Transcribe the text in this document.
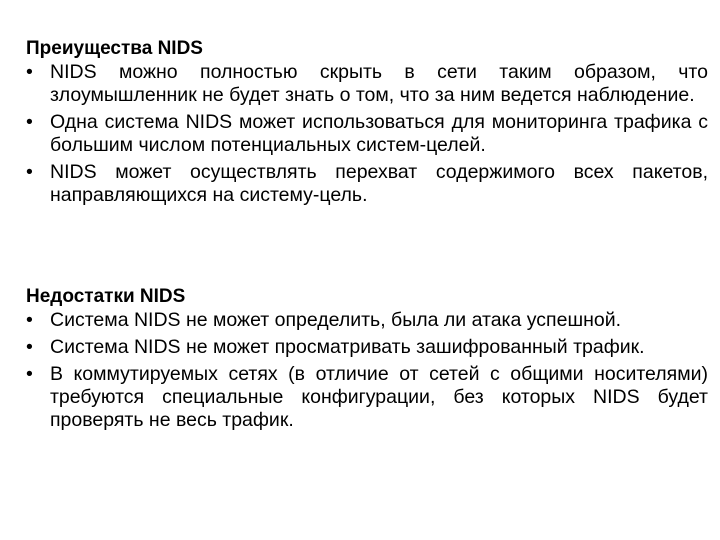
Преиущества NIDS
• NIDS можно полностью скрыть в сети таким образом, что злоумышленник не будет знать о том, что за ним ведется наблюдение.
• Одна система NIDS может использоваться для мониторинга трафика с большим числом потенциальных систем-целей.
• NIDS может осуществлять перехват содержимого всех пакетов, направляющихся на систему-цель.
Недостатки NIDS
• Система NIDS не может определить, была ли атака успешной.
• Система NIDS не может просматривать зашифрованный трафик.
• В коммутируемых сетях (в отличие от сетей с общими носителями) требуются специальные конфигурации, без которых NIDS будет проверять не весь трафик.
